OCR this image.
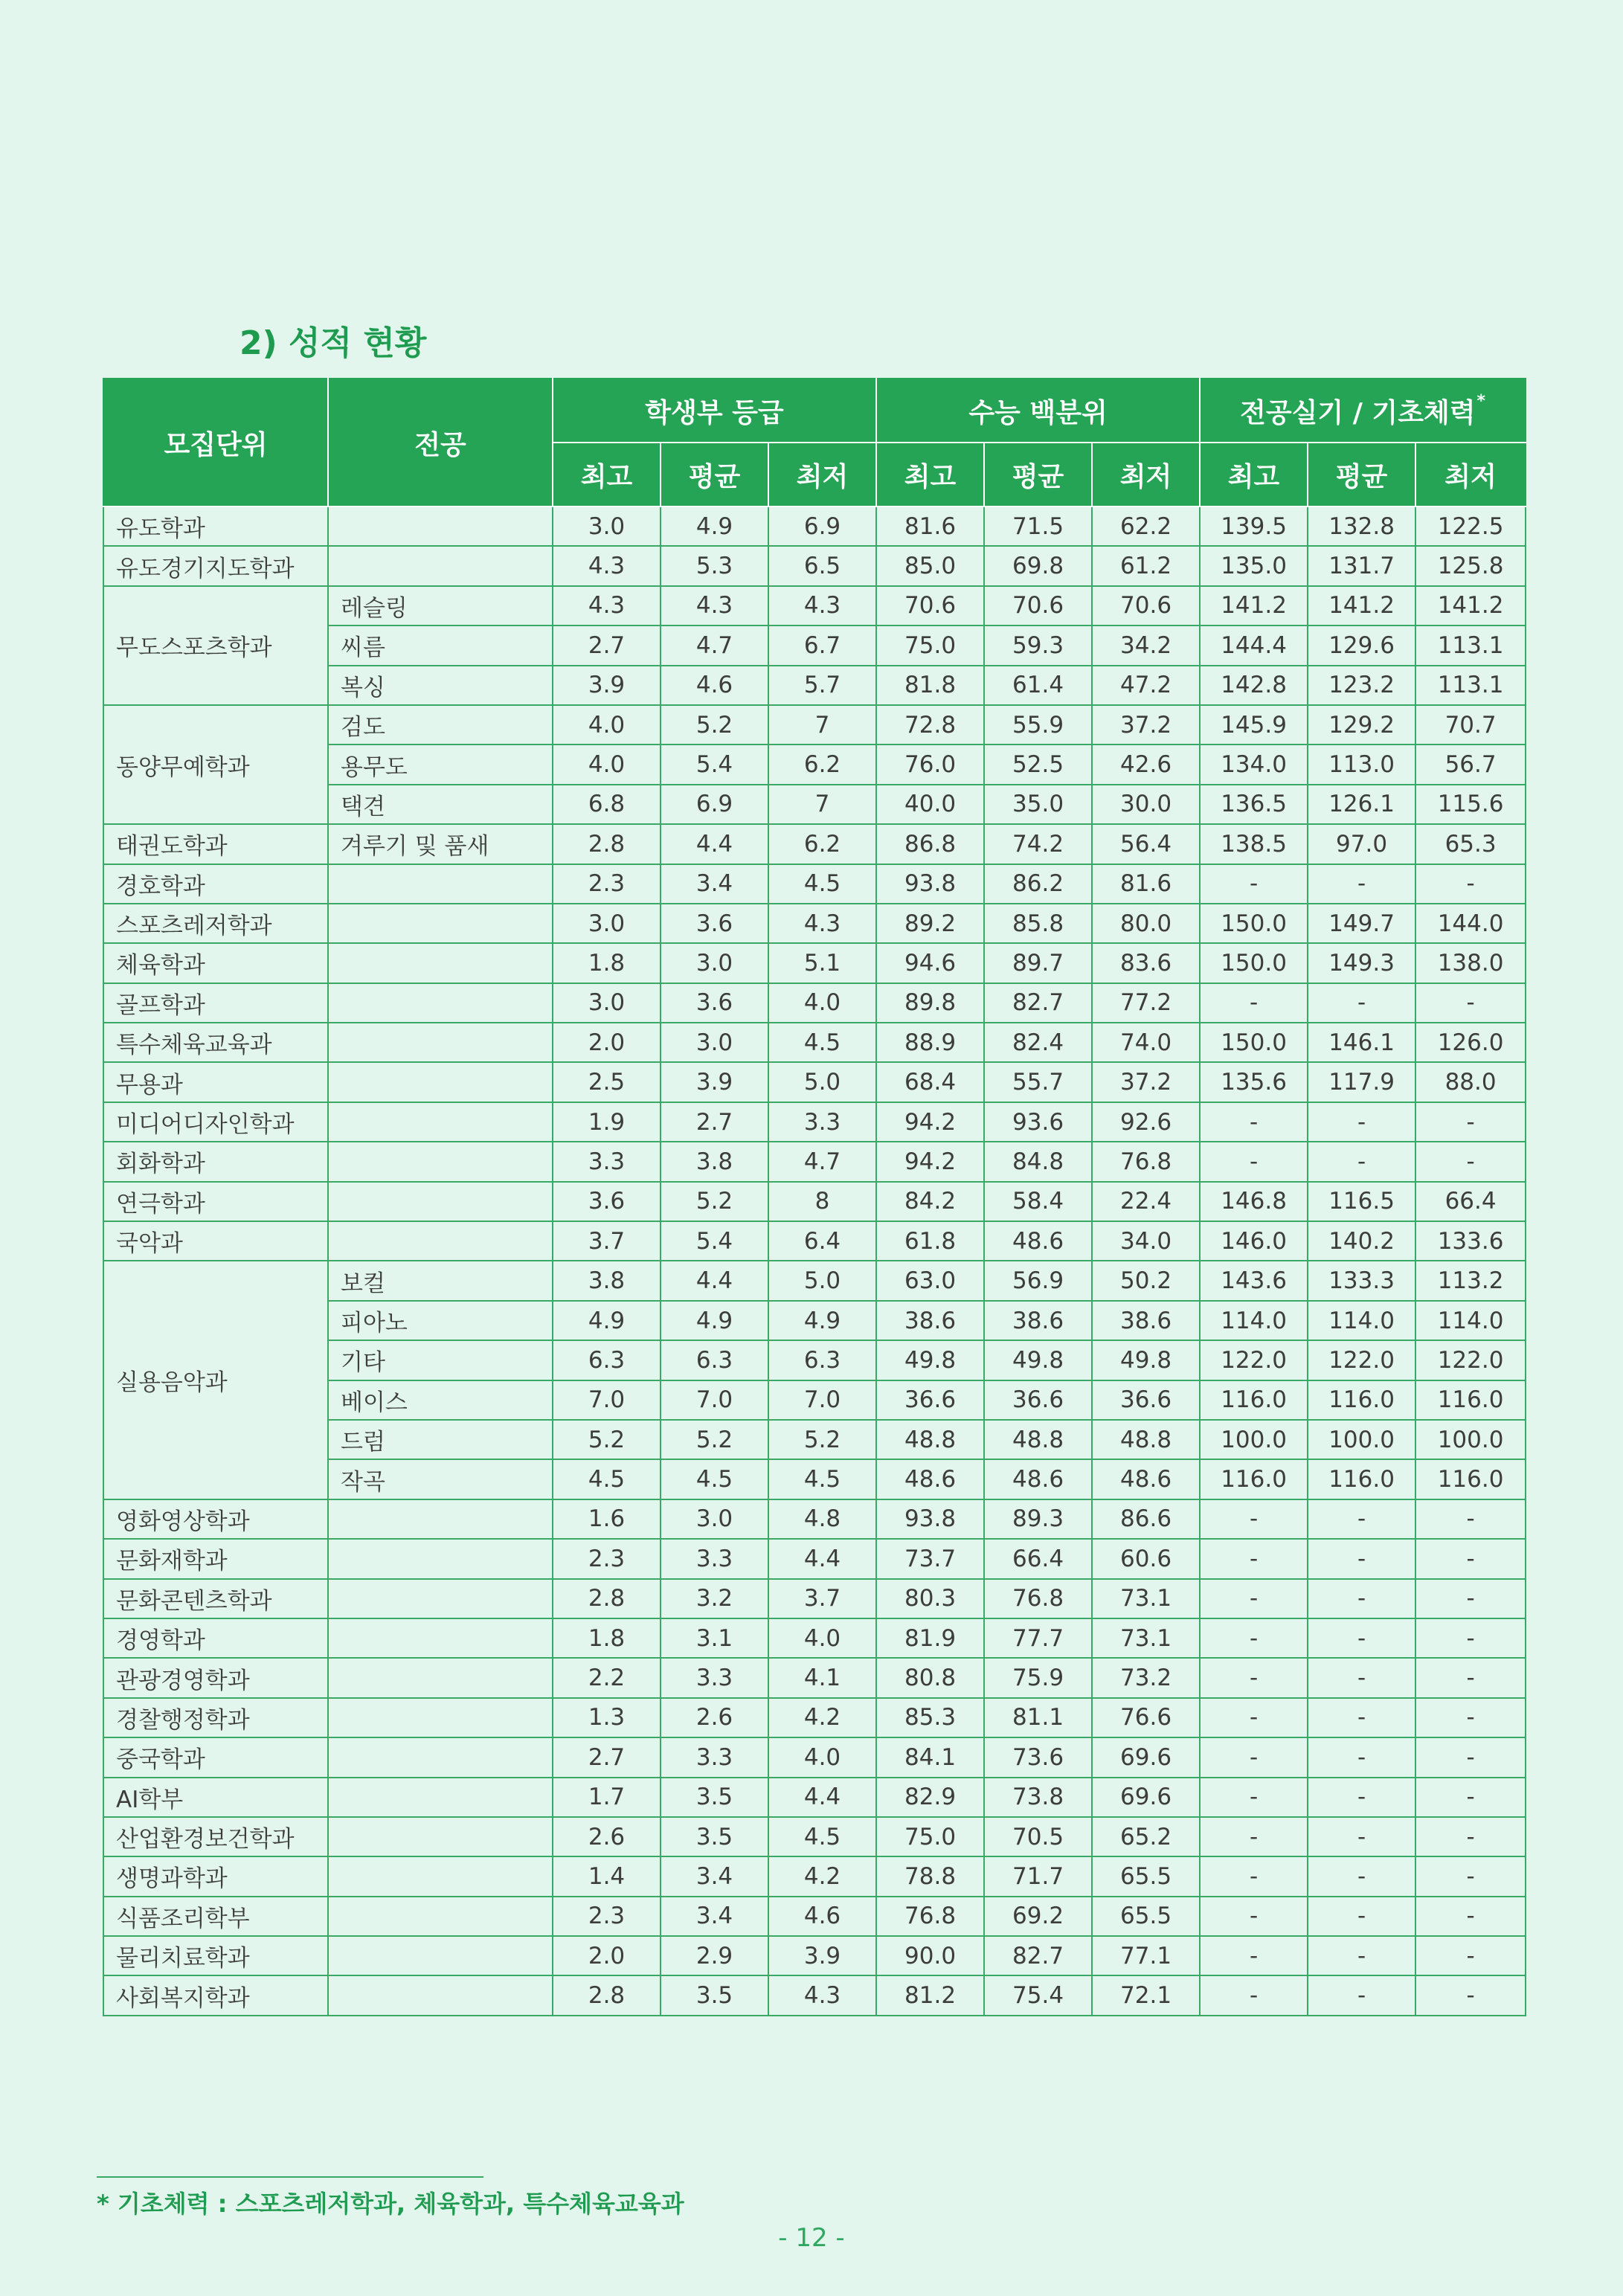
2) 성적 현황
모집단위	전공	학생부 등급			수능 백분위			전공실기 / 기초체력*
		최고	평균	최저	최고	평균	최저	최고	평균	최저
유도학과		3.0	4.9	6.9	81.6	71.5	62.2	139.5	132.8	122.5
유도경기지도학과		4.3	5.3	6.5	85.0	69.8	61.2	135.0	131.7	125.8
무도스포츠학과	레슬링	4.3	4.3	4.3	70.6	70.6	70.6	141.2	141.2	141.2
	씨름	2.7	4.7	6.7	75.0	59.3	34.2	144.4	129.6	113.1
	복싱	3.9	4.6	5.7	81.8	61.4	47.2	142.8	123.2	113.1
동양무예학과	검도	4.0	5.2	7	72.8	55.9	37.2	145.9	129.2	70.7
	용무도	4.0	5.4	6.2	76.0	52.5	42.6	134.0	113.0	56.7
	택견	6.8	6.9	7	40.0	35.0	30.0	136.5	126.1	115.6
태권도학과	겨루기 및 품새	2.8	4.4	6.2	86.8	74.2	56.4	138.5	97.0	65.3
경호학과		2.3	3.4	4.5	93.8	86.2	81.6	-	-	-
스포츠레저학과		3.0	3.6	4.3	89.2	85.8	80.0	150.0	149.7	144.0
체육학과		1.8	3.0	5.1	94.6	89.7	83.6	150.0	149.3	138.0
골프학과		3.0	3.6	4.0	89.8	82.7	77.2	-	-	-
특수체육교육과		2.0	3.0	4.5	88.9	82.4	74.0	150.0	146.1	126.0
무용과		2.5	3.9	5.0	68.4	55.7	37.2	135.6	117.9	88.0
미디어디자인학과		1.9	2.7	3.3	94.2	93.6	92.6	-	-	-
회화학과		3.3	3.8	4.7	94.2	84.8	76.8	-	-	-
연극학과		3.6	5.2	8	84.2	58.4	22.4	146.8	116.5	66.4
국악과		3.7	5.4	6.4	61.8	48.6	34.0	146.0	140.2	133.6
실용음악과	보컬	3.8	4.4	5.0	63.0	56.9	50.2	143.6	133.3	113.2
	피아노	4.9	4.9	4.9	38.6	38.6	38.6	114.0	114.0	114.0
	기타	6.3	6.3	6.3	49.8	49.8	49.8	122.0	122.0	122.0
	베이스	7.0	7.0	7.0	36.6	36.6	36.6	116.0	116.0	116.0
	드럼	5.2	5.2	5.2	48.8	48.8	48.8	100.0	100.0	100.0
	작곡	4.5	4.5	4.5	48.6	48.6	48.6	116.0	116.0	116.0
영화영상학과		1.6	3.0	4.8	93.8	89.3	86.6	-	-	-
문화재학과		2.3	3.3	4.4	73.7	66.4	60.6	-	-	-
문화콘텐츠학과		2.8	3.2	3.7	80.3	76.8	73.1	-	-	-
경영학과		1.8	3.1	4.0	81.9	77.7	73.1	-	-	-
관광경영학과		2.2	3.3	4.1	80.8	75.9	73.2	-	-	-
경찰행정학과		1.3	2.6	4.2	85.3	81.1	76.6	-	-	-
중국학과		2.7	3.3	4.0	84.1	73.6	69.6	-	-	-
AI학부		1.7	3.5	4.4	82.9	73.8	69.6	-	-	-
산업환경보건학과		2.6	3.5	4.5	75.0	70.5	65.2	-	-	-
생명과학과		1.4	3.4	4.2	78.8	71.7	65.5	-	-	-
식품조리학부		2.3	3.4	4.6	76.8	69.2	65.5	-	-	-
물리치료학과		2.0	2.9	3.9	90.0	82.7	77.1	-	-	-
사회복지학과		2.8	3.5	4.3	81.2	75.4	72.1	-	-	-

* 기초체력 : 스포츠레저학과, 체육학과, 특수체육교육과

- 12 -
